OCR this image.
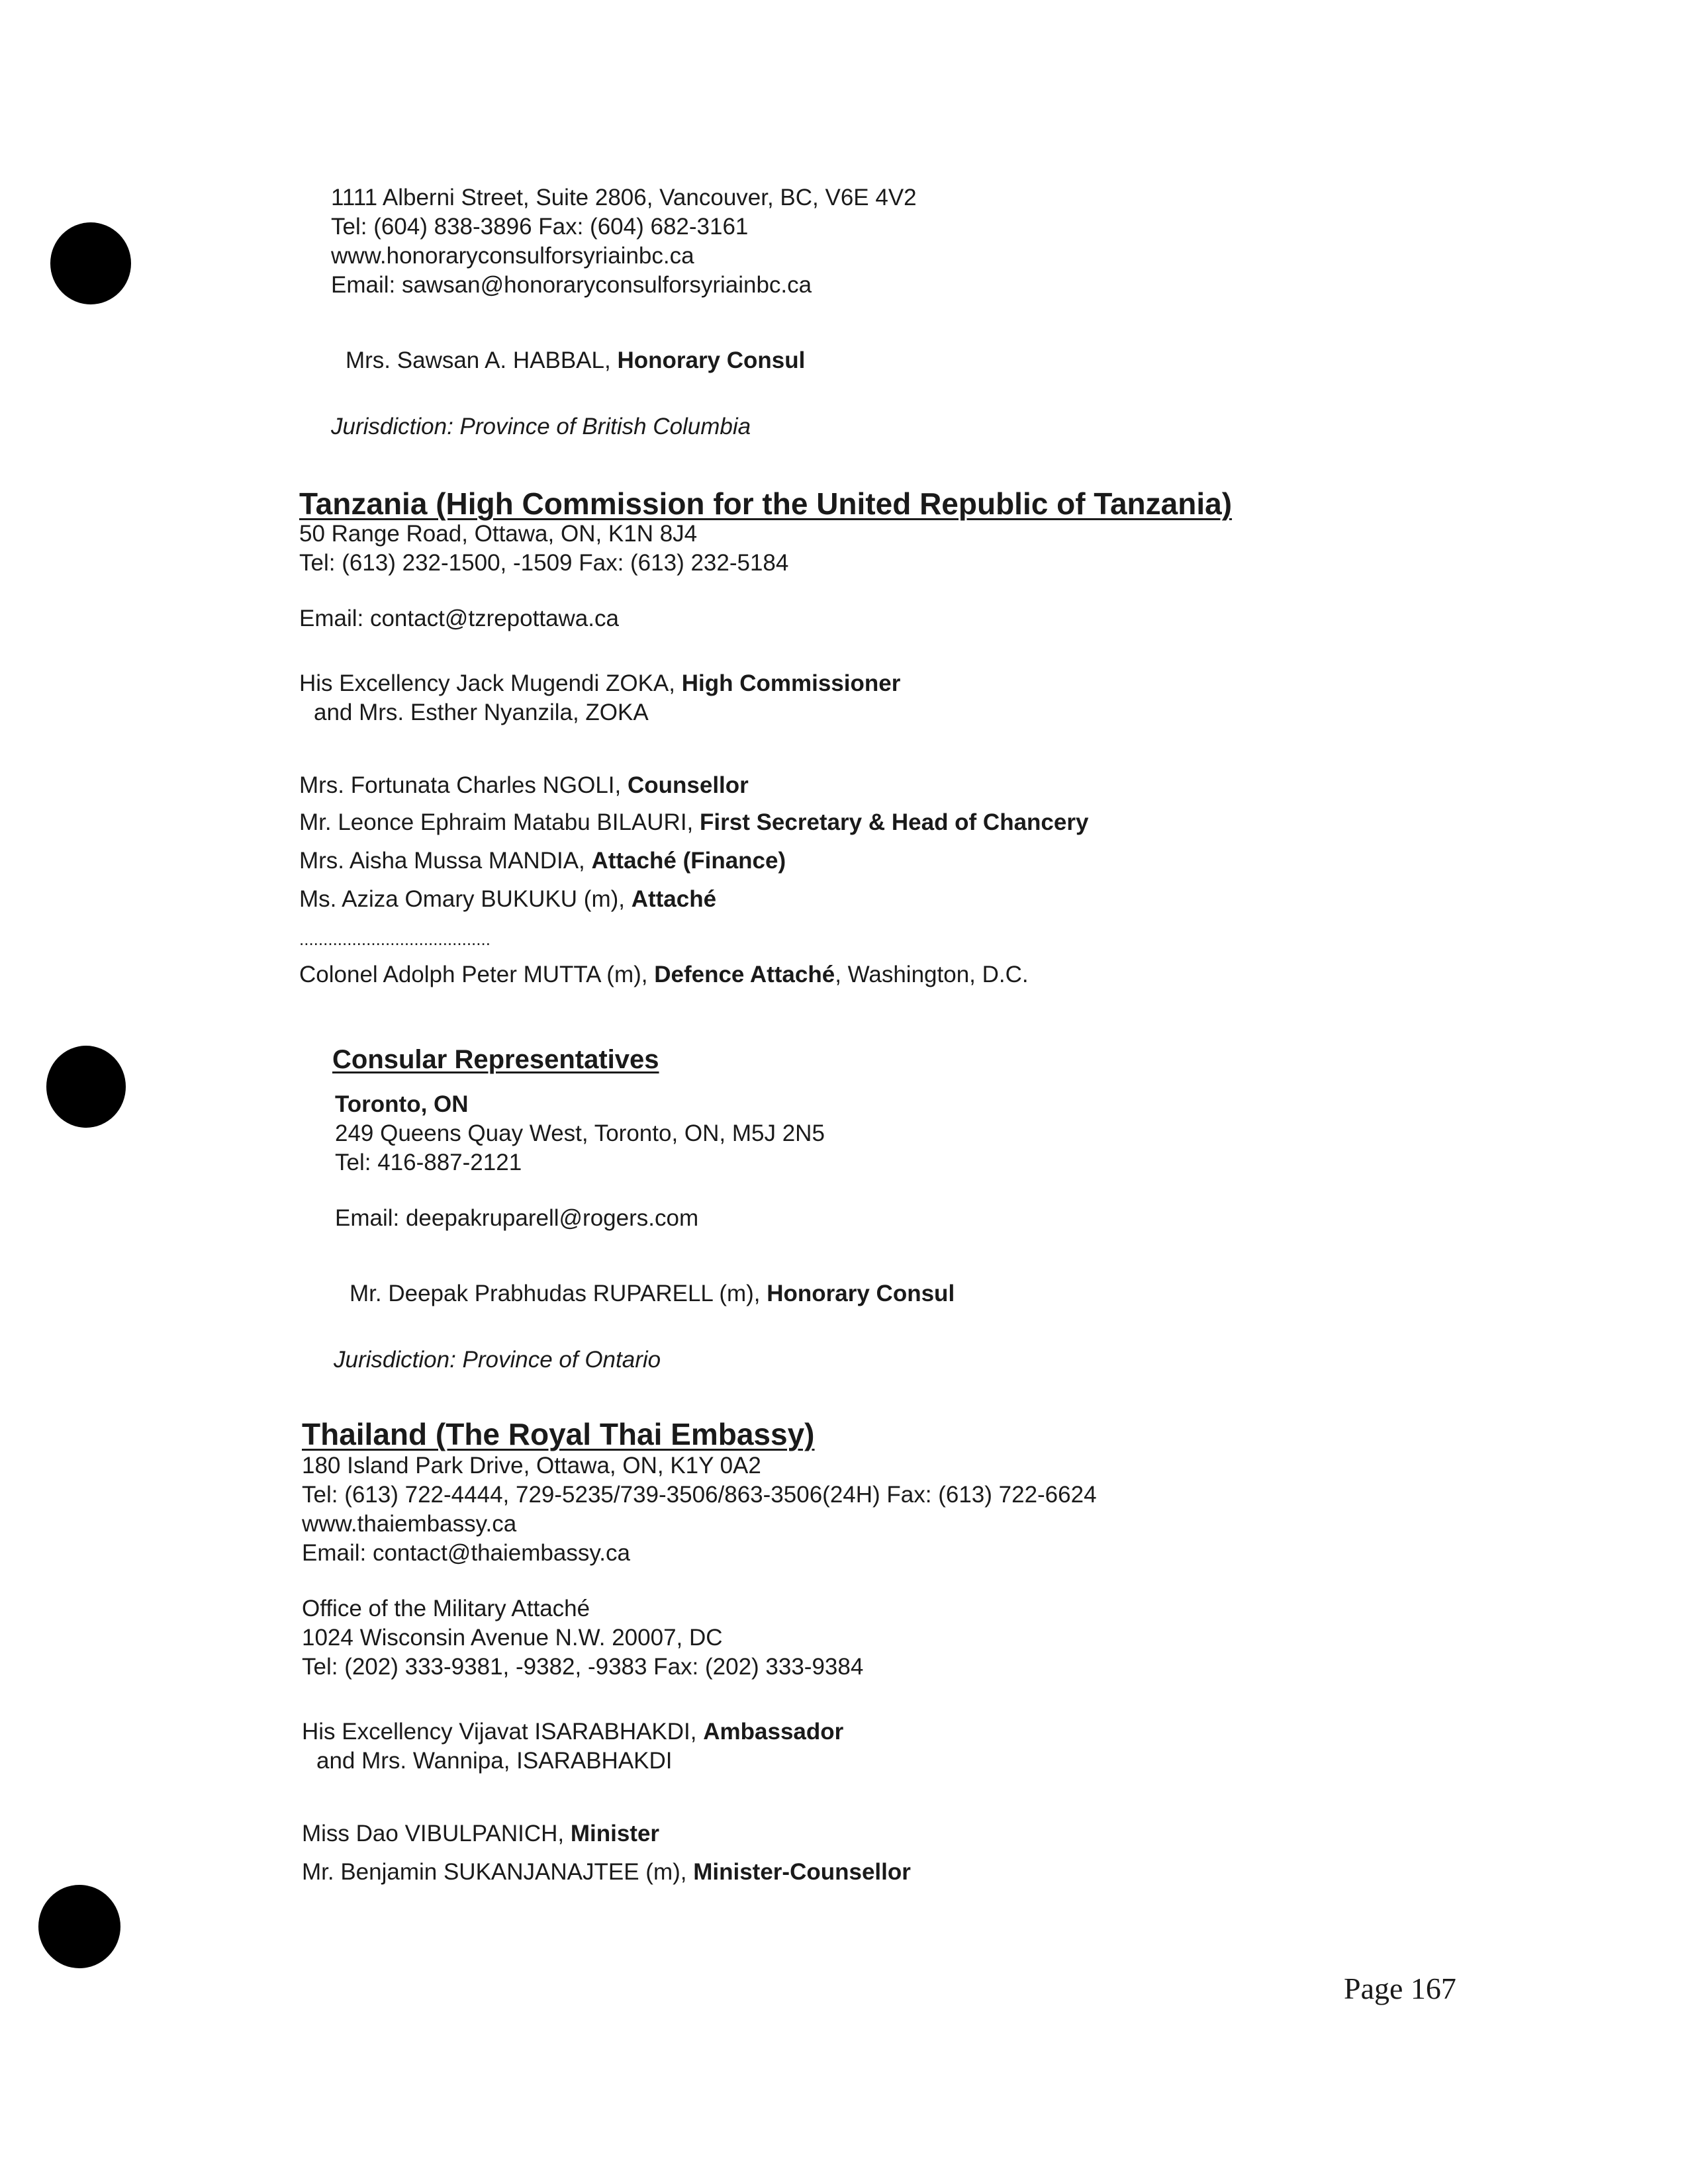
1111 Alberni Street, Suite 2806, Vancouver, BC, V6E 4V2
Tel: (604) 838-3896 Fax: (604) 682-3161
www.honoraryconsulforsyriainbc.ca
Email: sawsan@honoraryconsulforsyriainbc.ca
Mrs. Sawsan A. HABBAL, Honorary Consul
Jurisdiction: Province of British Columbia
Tanzania (High Commission for the United Republic of Tanzania)
50 Range Road, Ottawa, ON, K1N 8J4
Tel: (613) 232-1500, -1509 Fax: (613) 232-5184
Email: contact@tzrepottawa.ca
His Excellency Jack Mugendi ZOKA, High Commissioner
and Mrs. Esther Nyanzila, ZOKA
Mrs. Fortunata Charles NGOLI, Counsellor
Mr. Leonce Ephraim Matabu BILAURI, First Secretary & Head of Chancery
Mrs. Aisha Mussa MANDIA, Attaché (Finance)
Ms. Aziza Omary BUKUKU (m), Attaché
........................................
Colonel Adolph Peter MUTTA (m), Defence Attaché, Washington, D.C.
Consular Representatives
Toronto, ON
249 Queens Quay West, Toronto, ON, M5J 2N5
Tel: 416-887-2121
Email: deepakruparell@rogers.com
Mr. Deepak Prabhudas RUPARELL (m), Honorary Consul
Jurisdiction: Province of Ontario
Thailand (The Royal Thai Embassy)
180 Island Park Drive, Ottawa, ON, K1Y 0A2
Tel: (613) 722-4444, 729-5235/739-3506/863-3506(24H) Fax: (613) 722-6624
www.thaiembassy.ca
Email: contact@thaiembassy.ca
Office of the Military Attaché
1024 Wisconsin Avenue N.W. 20007, DC
Tel: (202) 333-9381, -9382, -9383 Fax: (202) 333-9384
His Excellency Vijavat ISARABHAKDI, Ambassador
and Mrs. Wannipa, ISARABHAKDI
Miss Dao VIBULPANICH, Minister
Mr. Benjamin SUKANJANAJTEE (m), Minister-Counsellor
Page 167
